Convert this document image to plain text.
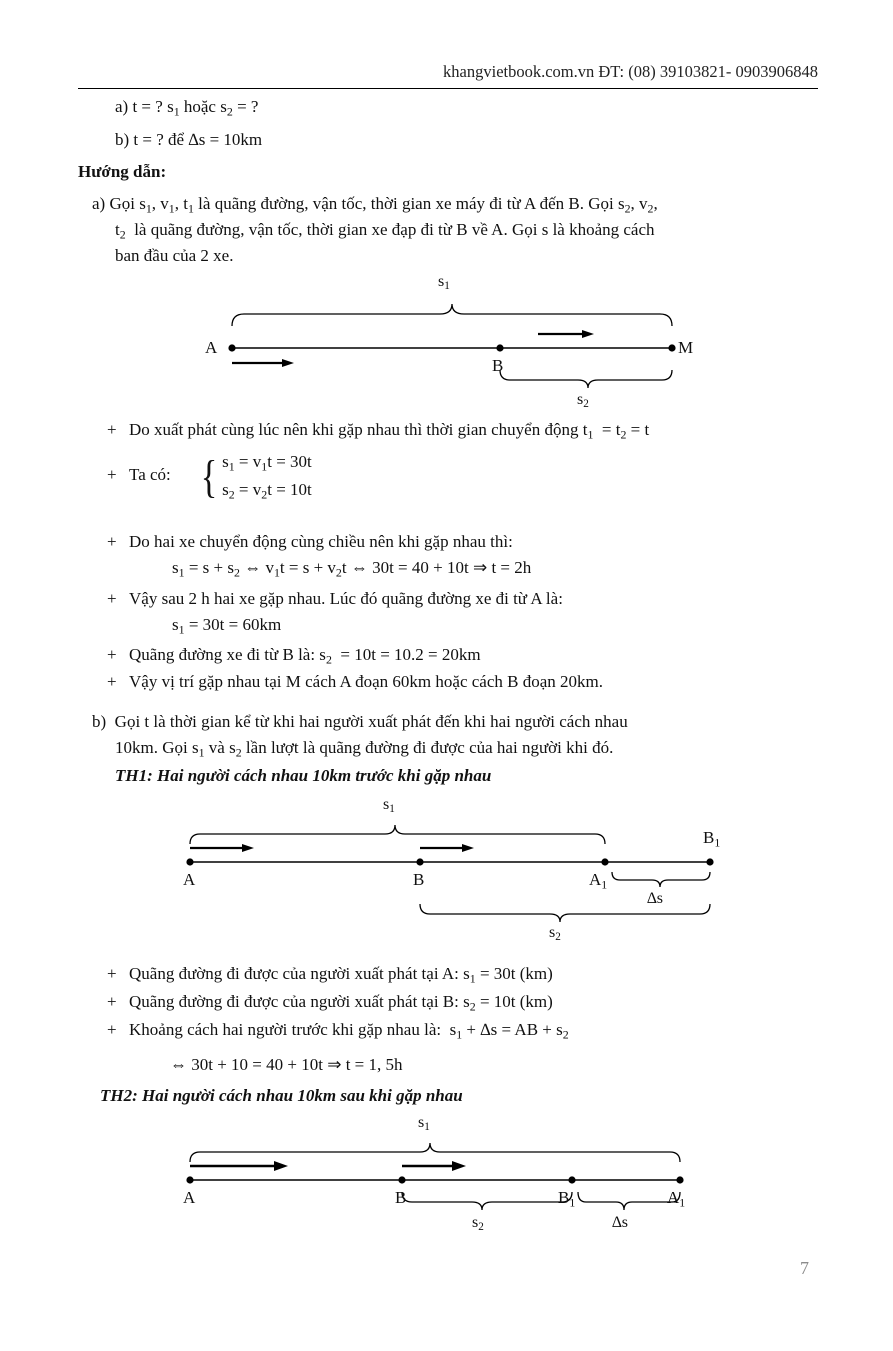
khangvietbook.com.vn ĐT: (08) 39103821- 0903906848
a) t = ? $s_1$ hoặc $s_2$ = ?
b) t = ? để ∆s = 10km
Hướng dẫn:
a) Gọi $s_1$, $v_1$, $t_1$ là quãng đường, vận tốc, thời gian xe máy đi từ A đến B. Gọi $s_2$, $v_2$,
$t_2$  là quãng đường, vận tốc, thời gian xe đạp đi từ B về A. Gọi s là khoảng cách
ban đầu của 2 xe.
$s_1$
A
B
M
$s_2$
+ Do xuất phát cùng lúc nên khi gặp nhau thì thời gian chuyển động $t_1 = t_2 = t$
+ Ta có: { $s_1 = v_1t = 30t$
$s_2 = v_2t = 10t$
+ Do hai xe chuyển động cùng chiều nên khi gặp nhau thì:
$s_1 = s + s_2$ ⇔ $v_1t = s + v_2t$ ⇔ 30t = 40 + 10t ⇒ t = 2h
+ Vậy sau 2 h hai xe gặp nhau. Lúc đó quãng đường xe đi từ A là:
$s_1 = 30t = 60km$
+ Quãng đường xe đi từ B là: $s_2 = 10t = 10.2 = 20km$
+ Vậy vị trí gặp nhau tại M cách A đoạn 60km hoặc cách B đoạn 20km.
b)  Gọi t là thời gian kể từ khi hai người xuất phát đến khi hai người cách nhau
10km. Gọi $s_1$ và $s_2$ lần lượt là quãng đường đi được của hai người khi đó.
TH1: Hai người cách nhau 10km trước khi gặp nhau
$s_1$
A	B	$A_1$
$B_1$
∆s
$s_2$
+ Quãng đường đi được của người xuất phát tại A: $s_1 = 30t$ (km)
+ Quãng đường đi được của người xuất phát tại B: $s_2 = 10t$ (km)
+ Khoảng cách hai người trước khi gặp nhau là:  $s_1 + \Delta s$ = AB + $s_2$
⇔ 30t + 10 = 40 + 10t ⇒ t = 1, 5h
TH2: Hai người cách nhau 10km sau khi gặp nhau
$s_1$
A	B	$B_1$	$A_1$
$s_2$	∆s
7
